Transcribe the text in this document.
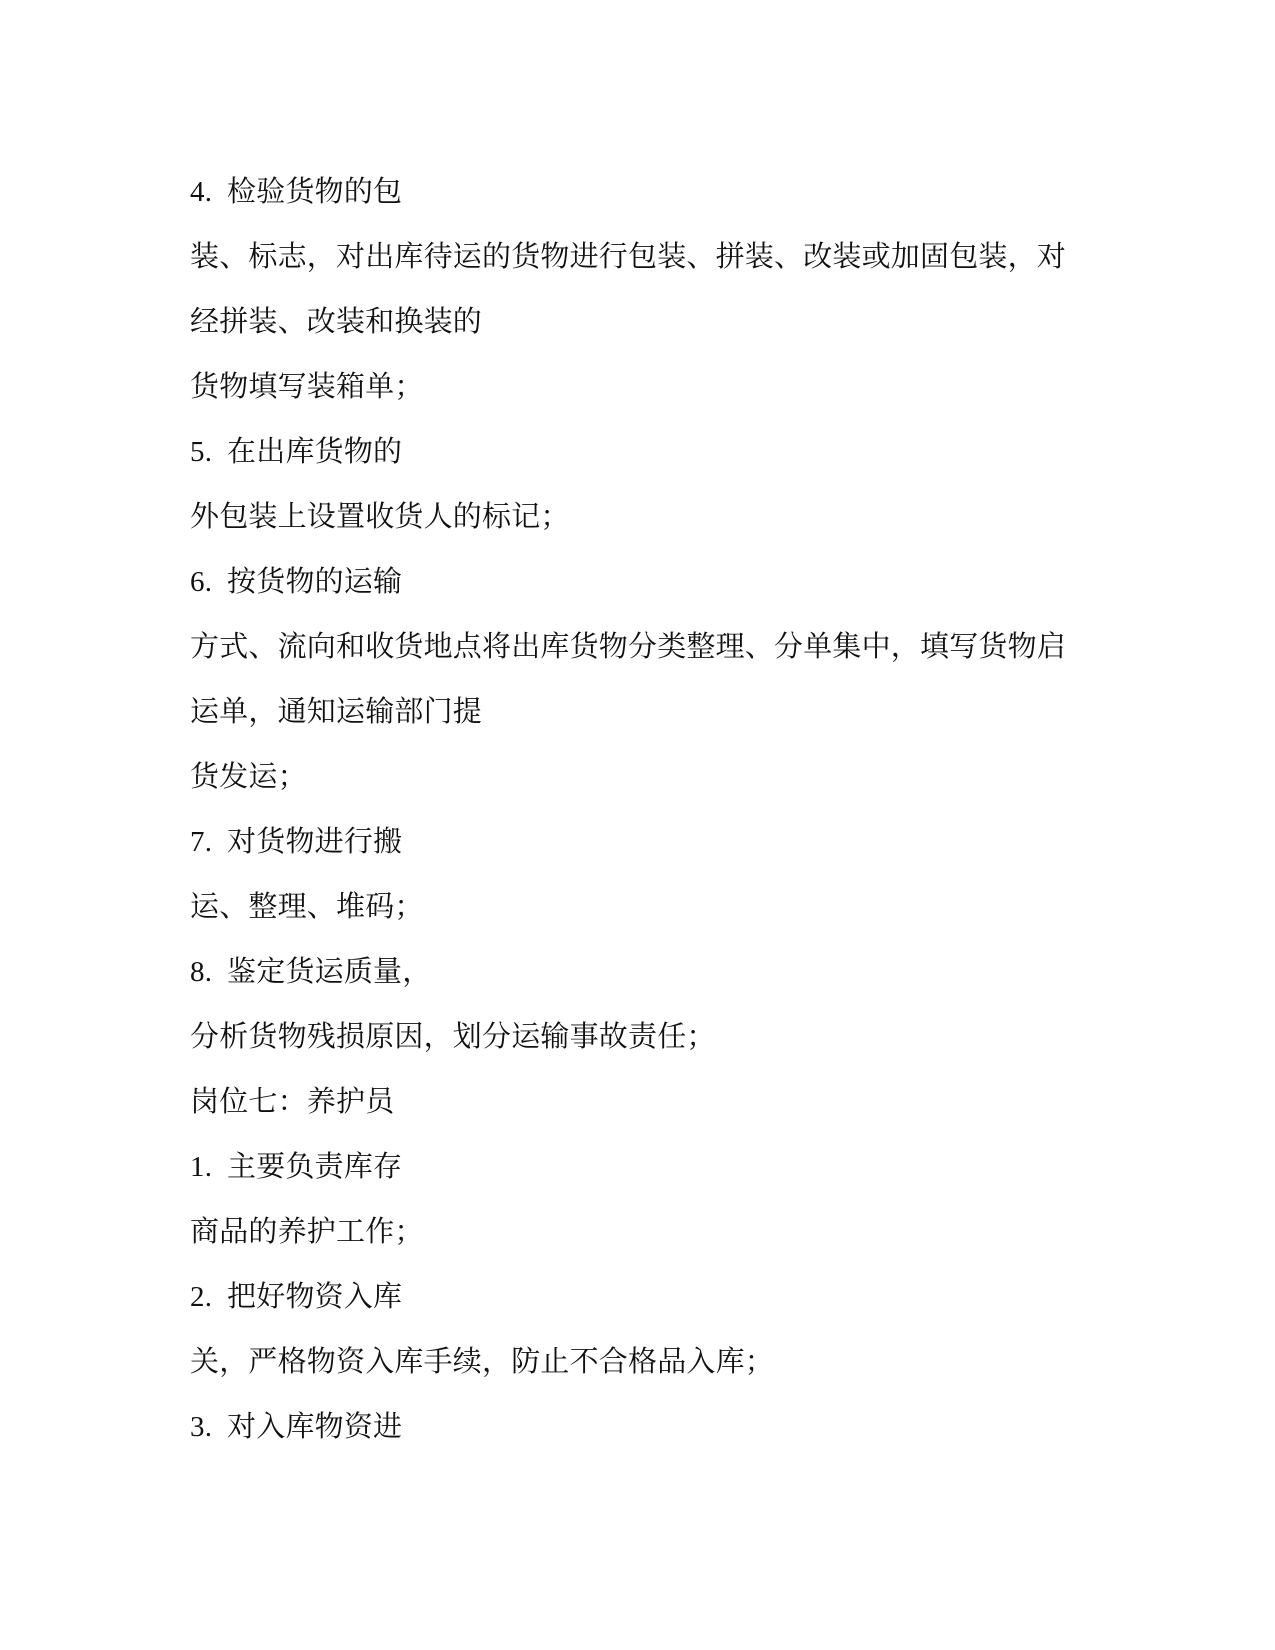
4.  检验货物的包

装、标志，对出库待运的货物进行包装、拼装、改装或加固包装，对

经拼装、改装和换装的

货物填写装箱单；

5.  在出库货物的

外包装上设置收货人的标记；

6.  按货物的运输

方式、流向和收货地点将出库货物分类整理、分单集中，填写货物启

运单，通知运输部门提

货发运；

7.  对货物进行搬

运、整理、堆码；

8.  鉴定货运质量，

分析货物残损原因，划分运输事故责任；

岗位七：养护员

1.  主要负责库存

商品的养护工作；

2.  把好物资入库

关，严格物资入库手续，防止不合格品入库；

3.  对入库物资进
